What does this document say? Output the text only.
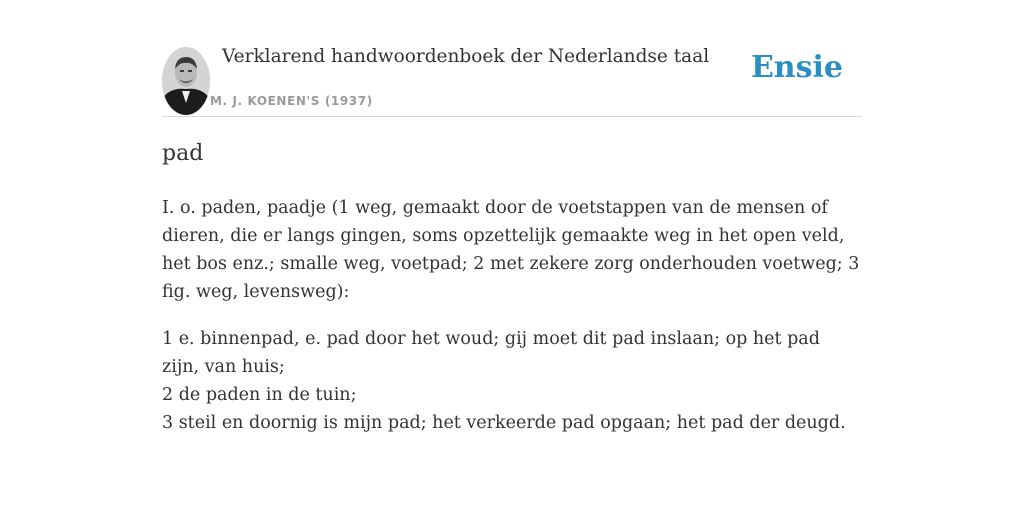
Verklarend handwoordenboek der Nederlandse taal
M. J. KOENEN'S (1937)
Ensie
pad

I. o. paden, paadje (1 weg, gemaakt door de voetstappen van de mensen of dieren, die er langs gingen, soms opzettelijk gemaakte weg in het open veld, het bos enz.; smalle weg, voetpad; 2 met zekere zorg onderhouden voetweg; 3 fig. weg, levensweg):

1 e. binnenpad, e. pad door het woud; gij moet dit pad inslaan; op het pad zijn, van huis;
2 de paden in de tuin;
3 steil en doornig is mijn pad; het verkeerde pad opgaan; het pad der deugd.
